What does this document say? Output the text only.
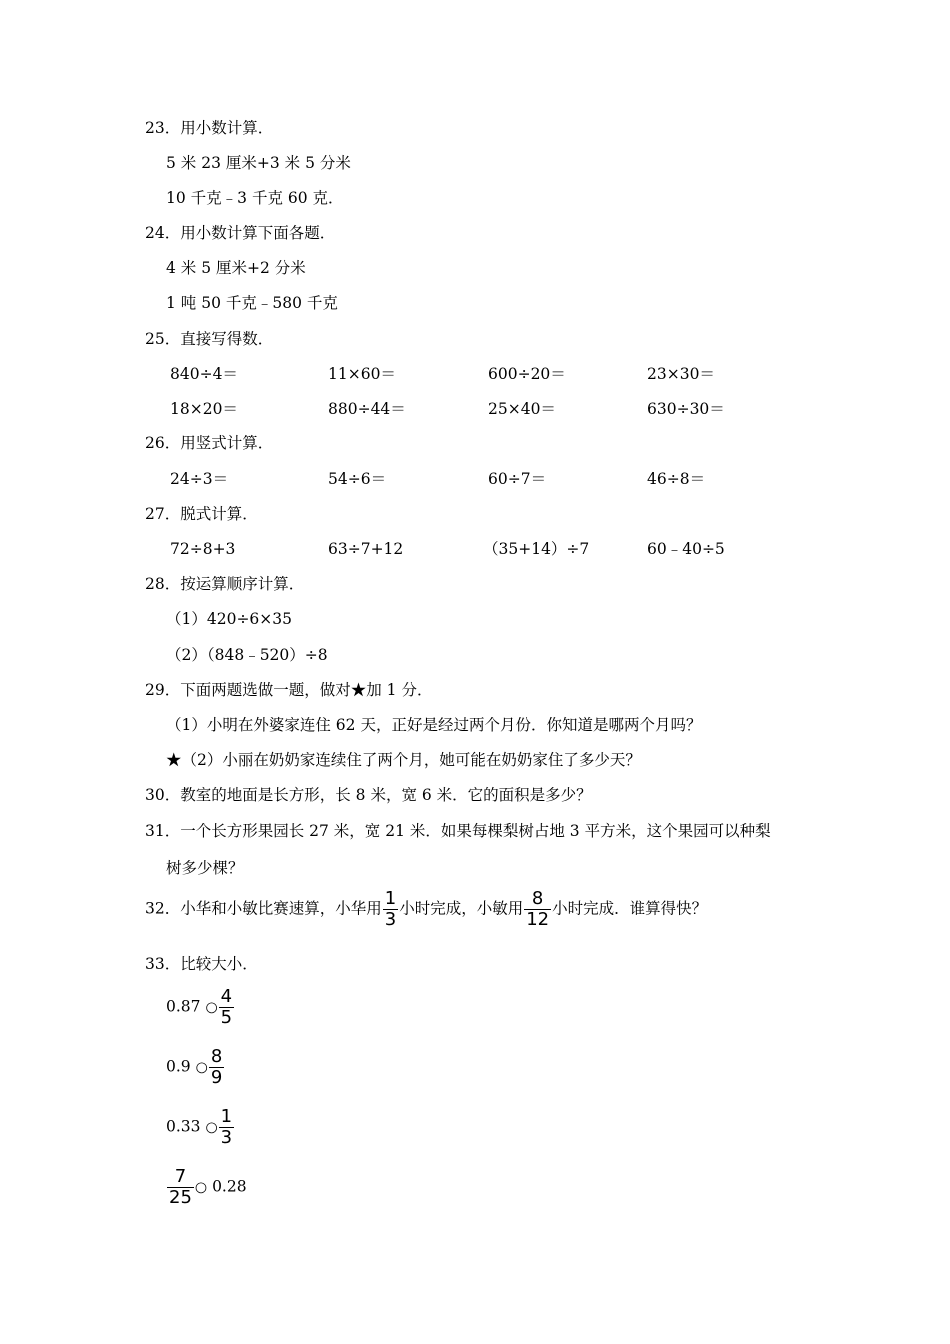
23．用小数计算．
5 米 23 厘米+3 米 5 分米
10 千克﹣3 千克 60 克．
24．用小数计算下面各题．
4 米 5 厘米+2 分米
1 吨 50 千克﹣580 千克
25．直接写得数．
840÷4＝	11×60＝	600÷20＝	23×30＝
18×20＝	880÷44＝	25×40＝	630÷30＝
26．用竖式计算．
24÷3＝	54÷6＝	60÷7＝	46÷8＝
27．脱式计算．
72÷8+3	63÷7+12	（35+14）÷7	60﹣40÷5
28．按运算顺序计算．
（1）420÷6×35
（2）（848﹣520）÷8
29．下面两题选做一题，做对★加 1 分．
（1）小明在外婆家连住 62 天，正好是经过两个月份．你知道是哪两个月吗？
★（2）小丽在奶奶家连续住了两个月，她可能在奶奶家住了多少天？
30．教室的地面是长方形，长 8 米，宽 6 米．它的面积是多少？
31．一个长方形果园长 27 米，宽 21 米．如果每棵梨树占地 3 平方米，这个果园可以种梨
树多少棵？
32．小华和小敏比赛速算，小华用 $\frac{1}{3}$ 小时完成，小敏用 $\frac{8}{12}$ 小时完成．谁算得快？
33．比较大小．
0.87 ○ $\frac{4}{5}$
0.9 ○ $\frac{8}{9}$
0.33 ○ $\frac{1}{3}$
$\frac{7}{25}$ ○ 0.28
